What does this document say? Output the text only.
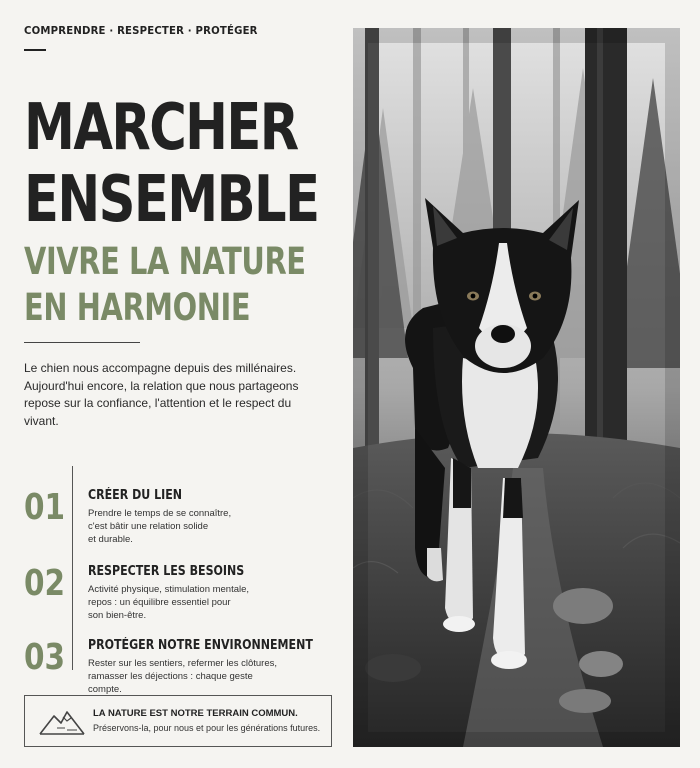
COMPRENDRE · RESPECTER · PROTÉGER
MARCHER
ENSEMBLE
VIVRE LA NATURE
EN HARMONIE

Le chien nous accompagne depuis des millénaires. Aujourd'hui encore, la relation que nous partageons repose sur la confiance, l'attention et le respect du vivant.

01 CRÉER DU LIEN
Prendre le temps de se connaître,
c'est bâtir une relation solide
et durable.
02 RESPECTER LES BESOINS
Activité physique, stimulation mentale,
repos : un équilibre essentiel pour
son bien-être.
03 PROTÉGER NOTRE ENVIRONNEMENT
Rester sur les sentiers, refermer les clôtures,
ramasser les déjections : chaque geste
compte.
LA NATURE EST NOTRE TERRAIN COMMUN.
Préservons-la, pour nous et pour les générations futures.
